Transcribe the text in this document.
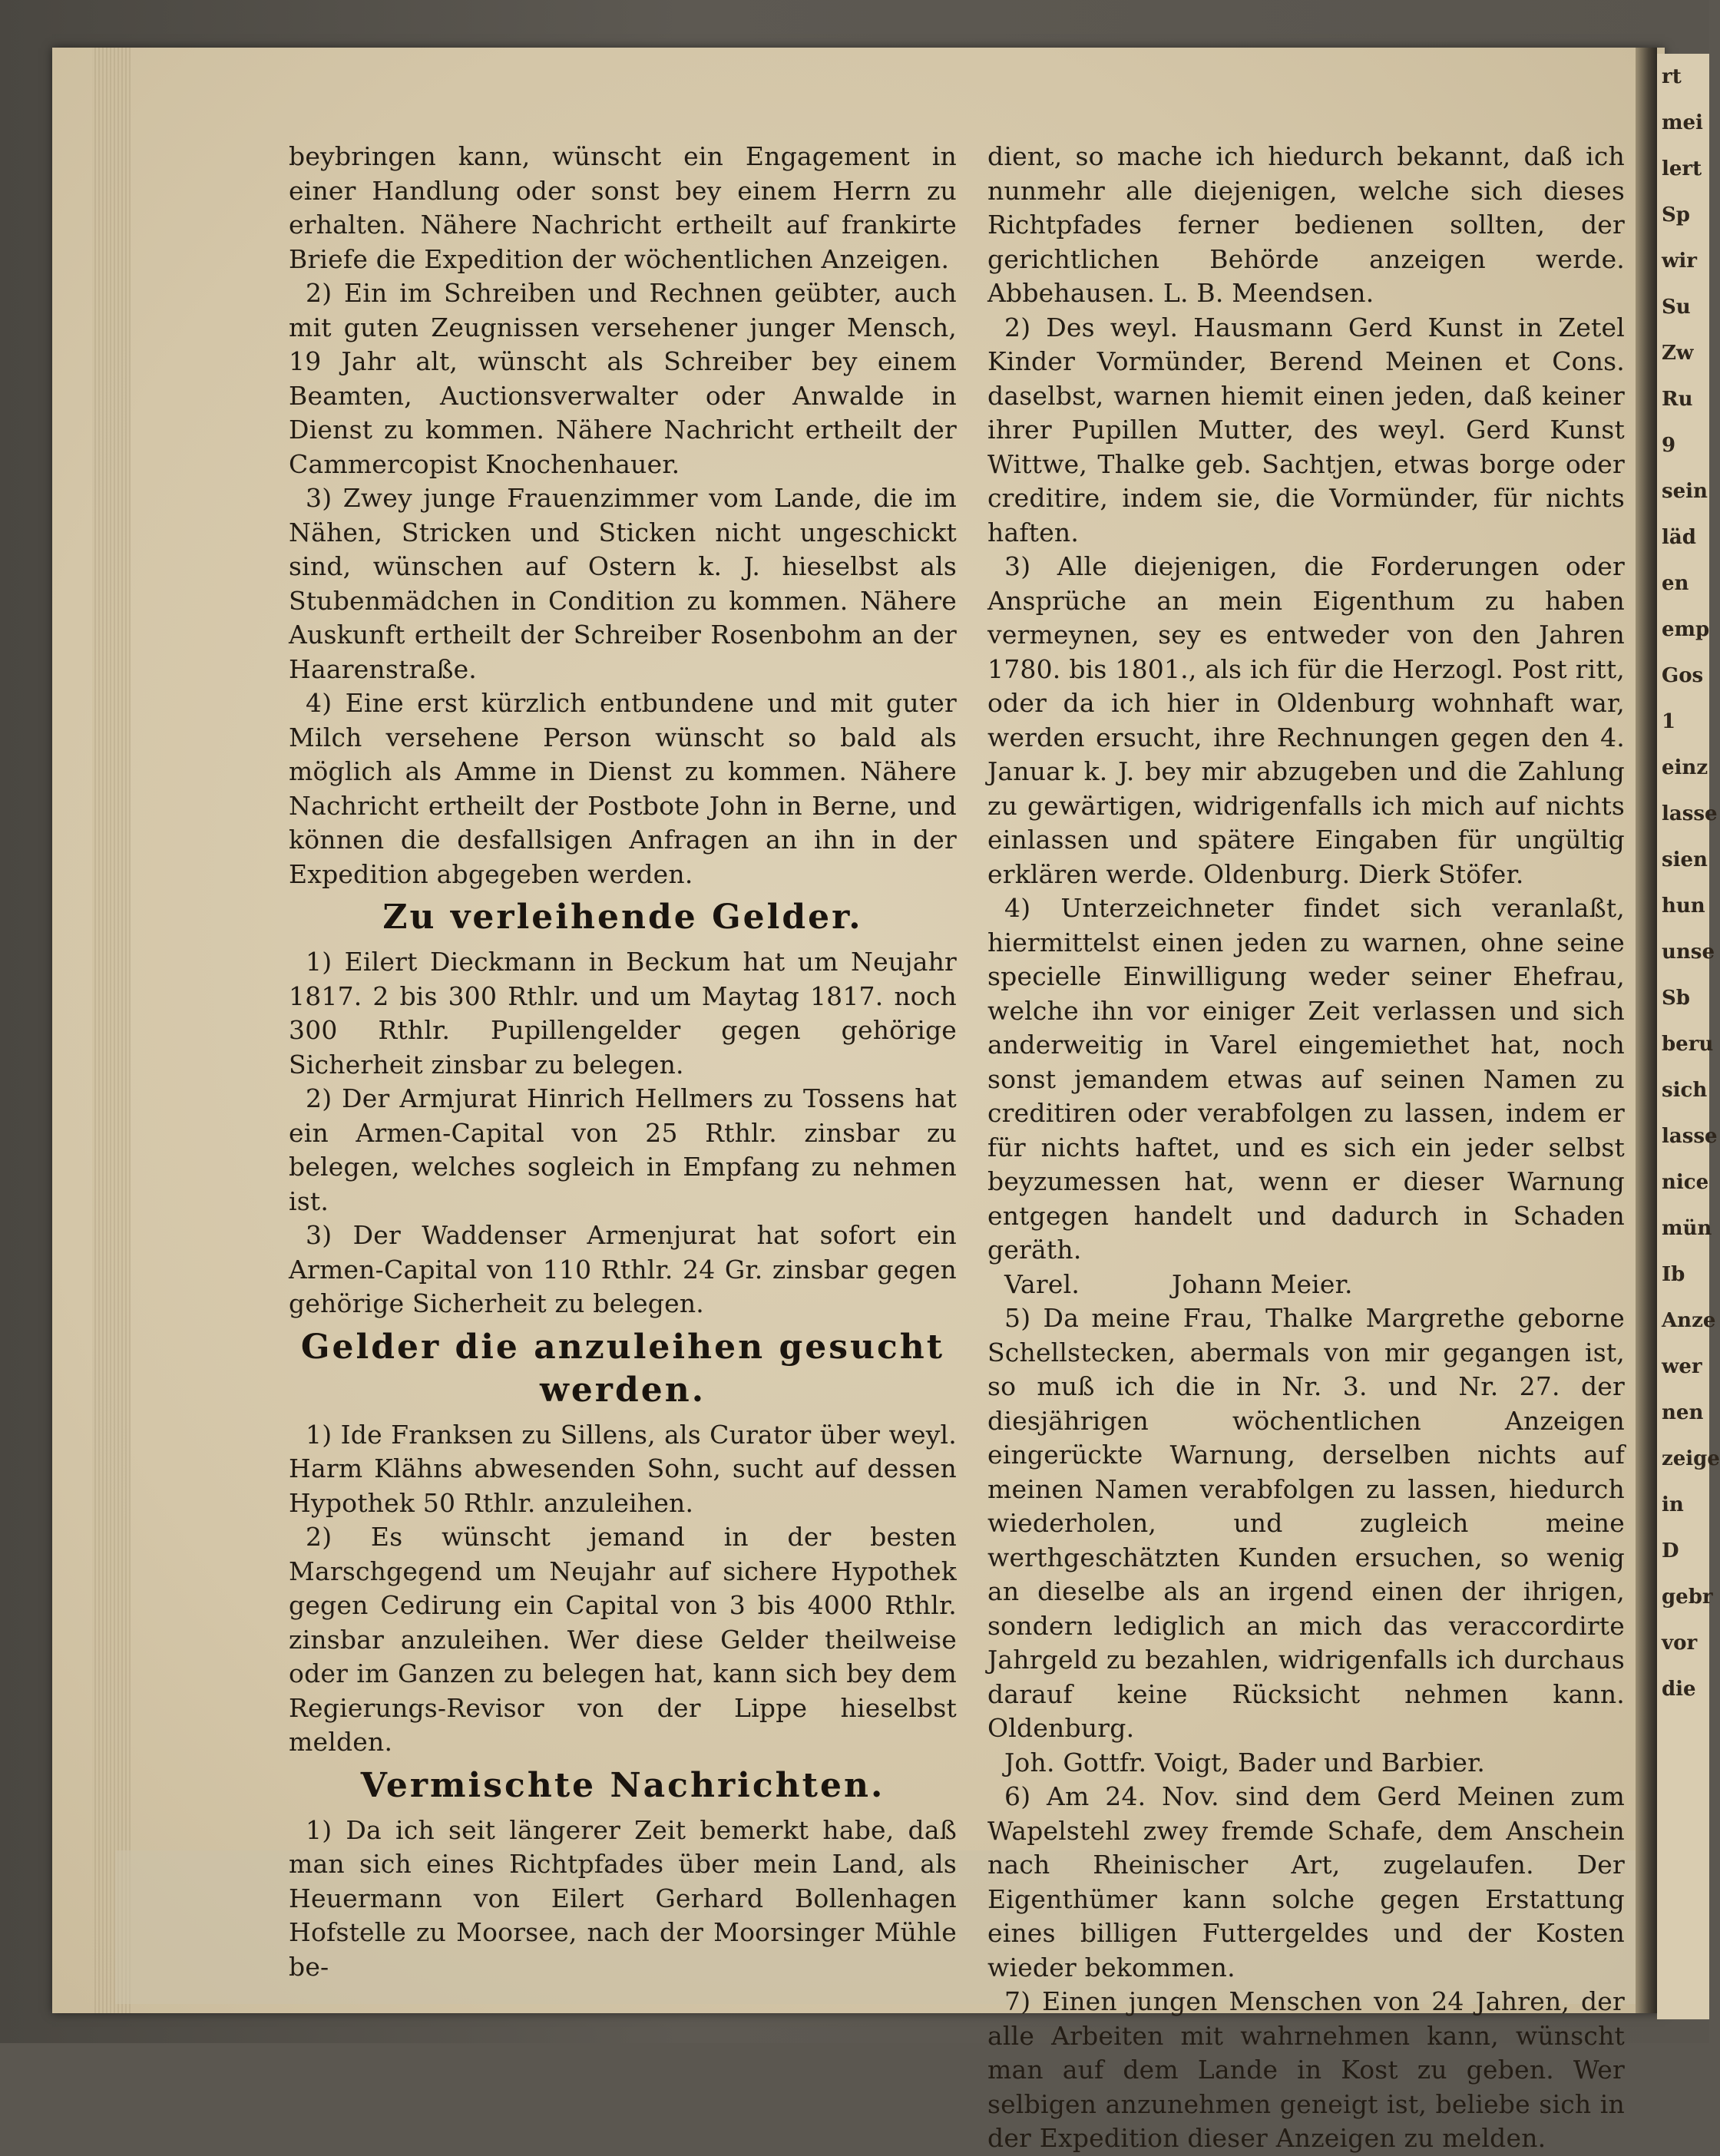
rt
mei
lert
Sp
wir
Su
Zw
Ru
9
sein
läd
en
emp
Gos
1
einz
lasse
sien
hun
unse
Sb
beru
sich
lasse
nice
mün
Ib
Anze
wer
nen
zeige
in
D
gebr
vor
die

beybringen kann, wünscht ein Engagement in einer Handlung oder sonst bey einem Herrn zu erhalten. Nähere Nachricht ertheilt auf frankirte Briefe die Expedition der wöchentlichen Anzeigen.

2) Ein im Schreiben und Rechnen geübter, auch mit guten Zeugnissen versehener junger Mensch, 19 Jahr alt, wünscht als Schreiber bey einem Beamten, Auctionsverwalter oder Anwalde in Dienst zu kommen. Nähere Nachricht ertheilt der Cammercopist Knochenhauer.

3) Zwey junge Frauenzimmer vom Lande, die im Nähen, Stricken und Sticken nicht ungeschickt sind, wünschen auf Ostern k. J. hieselbst als Stubenmädchen in Condition zu kommen. Nähere Auskunft ertheilt der Schreiber Rosenbohm an der Haarenstraße.

4) Eine erst kürzlich entbundene und mit guter Milch versehene Person wünscht so bald als möglich als Amme in Dienst zu kommen. Nähere Nachricht ertheilt der Postbote John in Berne, und können die desfallsigen Anfragen an ihn in der Expedition abgegeben werden.

Zu verleihende Gelder.

1) Eilert Dieckmann in Beckum hat um Neujahr 1817. 2 bis 300 Rthlr. und um Maytag 1817. noch 300 Rthlr. Pupillengelder gegen gehörige Sicherheit zinsbar zu belegen.

2) Der Armjurat Hinrich Hellmers zu Tossens hat ein Armen-Capital von 25 Rthlr. zinsbar zu belegen, welches sogleich in Empfang zu nehmen ist.

3) Der Waddenser Armenjurat hat sofort ein Armen-Capital von 110 Rthlr. 24 Gr. zinsbar gegen gehörige Sicherheit zu belegen.

Gelder die anzuleihen gesucht werden.

1) Ide Franksen zu Sillens, als Curator über weyl. Harm Klähns abwesenden Sohn, sucht auf dessen Hypothek 50 Rthlr. anzuleihen.

2) Es wünscht jemand in der besten Marschgegend um Neujahr auf sichere Hypothek gegen Cedirung ein Capital von 3 bis 4000 Rthlr. zinsbar anzuleihen. Wer diese Gelder theilweise oder im Ganzen zu belegen hat, kann sich bey dem Regierungs-Revisor von der Lippe hieselbst melden.

Vermischte Nachrichten.

1) Da ich seit längerer Zeit bemerkt habe, daß man sich eines Richtpfades über mein Land, als Heuermann von Eilert Gerhard Bollenhagen Hofstelle zu Moorsee, nach der Moorsinger Mühle be-

dient, so mache ich hiedurch bekannt, daß ich nunmehr alle diejenigen, welche sich dieses Richtpfades ferner bedienen sollten, der gerichtlichen Behörde anzeigen werde. Abbehausen. L. B. Meendsen.

2) Des weyl. Hausmann Gerd Kunst in Zetel Kinder Vormünder, Berend Meinen et Cons. daselbst, warnen hiemit einen jeden, daß keiner ihrer Pupillen Mutter, des weyl. Gerd Kunst Wittwe, Thalke geb. Sachtjen, etwas borge oder creditire, indem sie, die Vormünder, für nichts haften.

3) Alle diejenigen, die Forderungen oder Ansprüche an mein Eigenthum zu haben vermeynen, sey es entweder von den Jahren 1780. bis 1801., als ich für die Herzogl. Post ritt, oder da ich hier in Oldenburg wohnhaft war, werden ersucht, ihre Rechnungen gegen den 4. Januar k. J. bey mir abzugeben und die Zahlung zu gewärtigen, widrigenfalls ich mich auf nichts einlassen und spätere Eingaben für ungültig erklären werde. Oldenburg. Dierk Stöfer.

4) Unterzeichneter findet sich veranlaßt, hiermittelst einen jeden zu warnen, ohne seine specielle Einwilligung weder seiner Ehefrau, welche ihn vor einiger Zeit verlassen und sich anderweitig in Varel eingemiethet hat, noch sonst jemandem etwas auf seinen Namen zu creditiren oder verabfolgen zu lassen, indem er für nichts haftet, und es sich ein jeder selbst beyzumessen hat, wenn er dieser Warnung entgegen handelt und dadurch in Schaden geräth.

Varel.	Johann Meier.

5) Da meine Frau, Thalke Margrethe geborne Schellstecken, abermals von mir gegangen ist, so muß ich die in Nr. 3. und Nr. 27. der diesjährigen wöchentlichen Anzeigen eingerückte Warnung, derselben nichts auf meinen Namen verabfolgen zu lassen, hiedurch wiederholen, und zugleich meine werthgeschätzten Kunden ersuchen, so wenig an dieselbe als an irgend einen der ihrigen, sondern lediglich an mich das veraccordirte Jahrgeld zu bezahlen, widrigenfalls ich durchaus darauf keine Rücksicht nehmen kann. Oldenburg.

Joh. Gottfr. Voigt, Bader und Barbier.

6) Am 24. Nov. sind dem Gerd Meinen zum Wapelstehl zwey fremde Schafe, dem Anschein nach Rheinischer Art, zugelaufen. Der Eigenthümer kann solche gegen Erstattung eines billigen Futtergeldes und der Kosten wieder bekommen.

7) Einen jungen Menschen von 24 Jahren, der alle Arbeiten mit wahrnehmen kann, wünscht man auf dem Lande in Kost zu geben. Wer selbigen anzunehmen geneigt ist, beliebe sich in der Expedition dieser Anzeigen zu melden.
